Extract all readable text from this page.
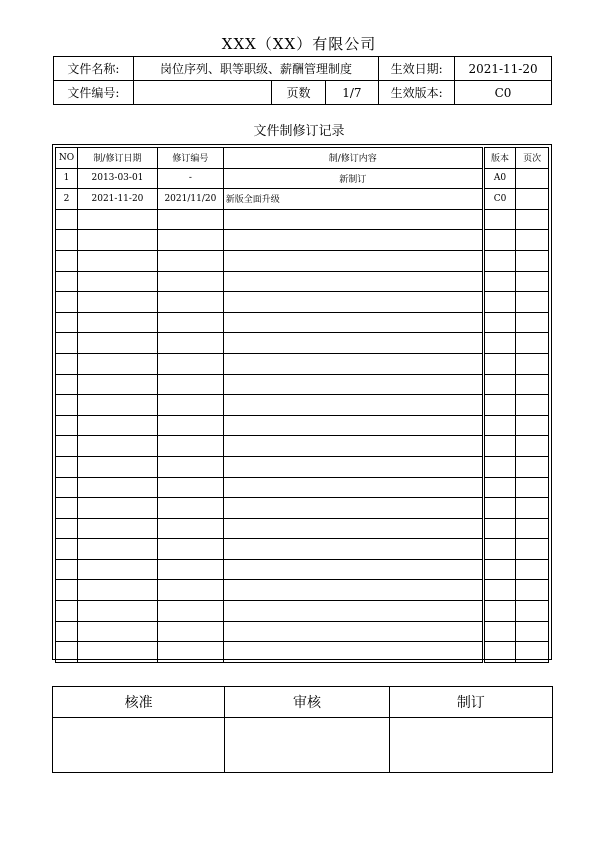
XXX（XX）有限公司
文件名称:	岗位序列、职等职级、薪酬管理制度			生效日期:	2021-11-20
文件编号:		页数	1/7	生效版本:	C0
文件制修订记录
NO	制/修订日期	修订编号	制/修订内容	版本	页次
1	2013-03-01	-	新制订	A0	
2	2021-11-20	2021/11/20	新版全面升级	C0	

核准	审核	制订
